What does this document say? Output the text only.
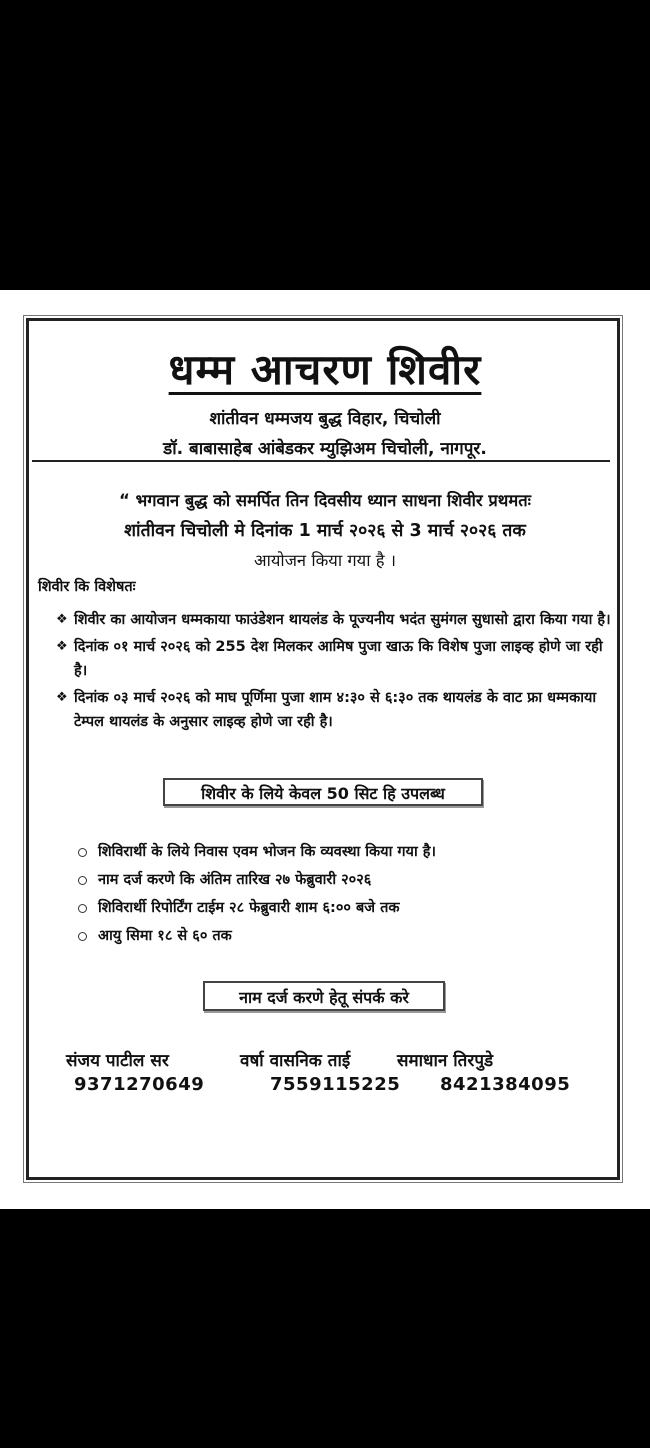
धम्म आचरण शिवीर
शांतीवन धम्मजय बुद्ध विहार, चिचोली
डॉ. बाबासाहेब आंबेडकर म्युझिअम चिचोली, नागपूर.
“ भगवान बुद्ध को समर्पित तिन दिवसीय ध्यान साधना शिवीर प्रथमतः
शांतीवन चिचोली मे दिनांक 1 मार्च २०२६ से 3 मार्च २०२६ तक
आयोजन किया गया है ।
शिवीर कि विशेषतः
❖ शिवीर का आयोजन धम्मकाया फाउंडेशन थायलंड के पूज्यनीय भदंत सुमंगल सुधासो द्वारा किया गया है।
❖ दिनांक ०१ मार्च २०२६ को 255 देश मिलकर आमिष पुजा खाऊ कि विशेष पुजा लाइव्ह होणे जा रही है।
❖ दिनांक ०३ मार्च २०२६ को माघ पूर्णिमा पुजा शाम ४:३० से ६:३० तक थायलंड के वाट फ्रा धम्मकाया टेम्पल थायलंड के अनुसार लाइव्ह होणे जा रही है।
शिवीर के लिये केवल 50 सिट हि उपलब्ध
शिविरार्थी के लिये निवास एवम भोजन कि व्यवस्था किया गया है।
नाम दर्ज करणे कि अंतिम तारिख २७ फेब्रुवारी २०२६
शिविरार्थी रिपोर्टिंग टाईम २८ फेब्रुवारी शाम ६:०० बजे तक
आयु सिमा १८ से ६० तक
नाम दर्ज करणे हेतू संपर्क करे
संजय पाटील सर
9371270649
वर्षा वासनिक ताई
7559115225
समाधान तिरपुडे
8421384095
